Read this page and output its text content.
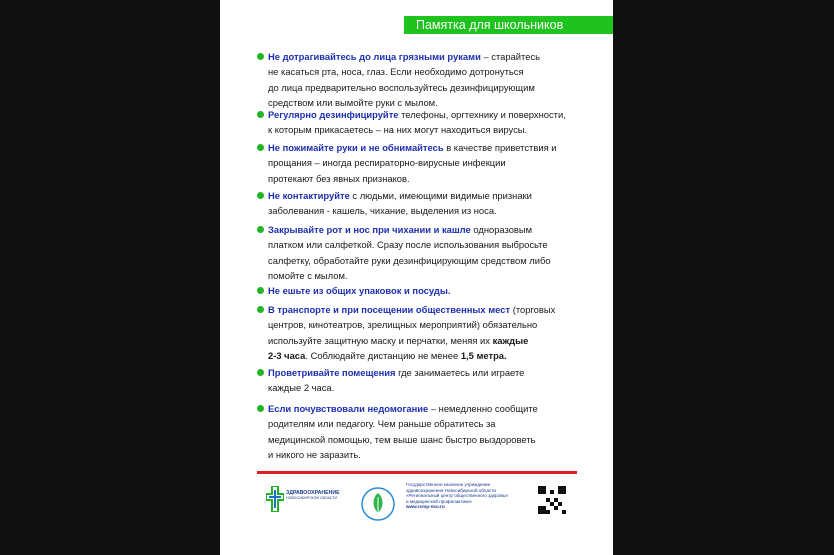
Памятка для школьников
Не дотрагивайтесь до лица грязными руками – старайтесь
не касаться рта, носа, глаз. Если необходимо дотронуться
до лица предварительно воспользуйтесь дезинфицирующим
средством или вымойте руки с мылом.
Регулярно дезинфицируйте телефоны, оргтехнику и поверхности,
к которым прикасаетесь – на них могут находиться вирусы.
Не пожимайте руки и не обнимайтесь в качестве приветствия и
прощания – иногда респираторно-вирусные инфекции
протекают без явных признаков.
Не контактируйте с людьми, имеющими видимые признаки
заболевания - кашель, чихание, выделения из носа.
Закрывайте рот и нос при чихании и кашле одноразовым
платком или салфеткой. Сразу после использования выбросьте
салфетку, обработайте руки дезинфицирующим средством либо
помойте с мылом.
Не ешьте из общих упаковок и посуды.
В транспорте и при посещении общественных мест (торговых
центров, кинотеатров, зрелищных мероприятий) обязательно
используйте защитную маску и перчатки, меняя их каждые
2-3 часа. Соблюдайте дистанцию не менее 1,5 метра.
Проветривайте помещения где занимаетесь или играете
каждые 2 часа.
Если почувствовали недомогание – немедленно сообщите
родителям или педагогу. Чем раньше обратитесь за
медицинской помощью, тем выше шанс быстро выздороветь
и никого не заразить.
ЗДРАВООХРАНЕНИЕ
НОВОСИБИРСКОЙ ОБЛАСТИ
Государственное казенное учреждение
здравоохранения Новосибирской области
«Региональный центр общественного здоровья
и медицинской профилактики»
www.rcmp-nso.ru
